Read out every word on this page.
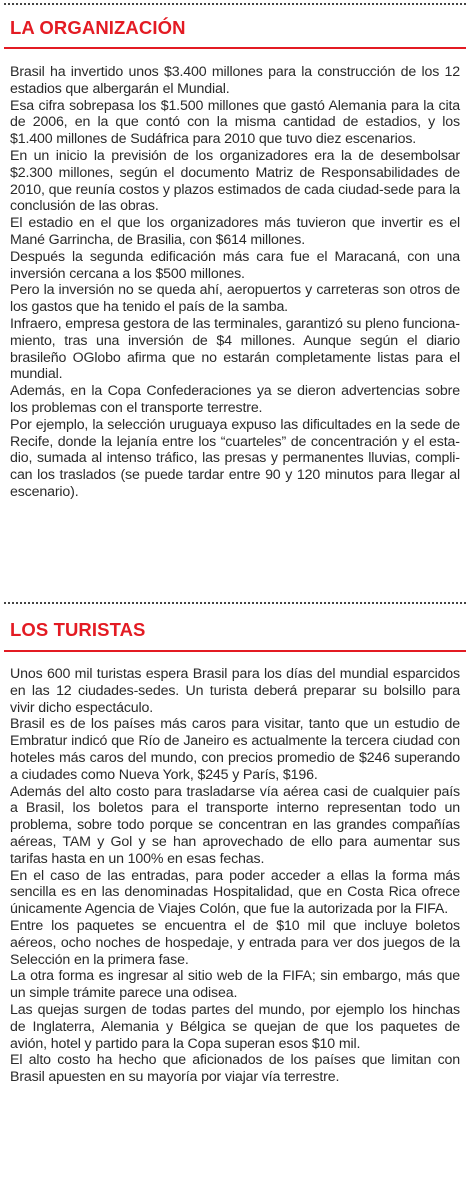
LA ORGANIZACIÓN

Brasil ha invertido unos $3.400 millones para la construcción de los 12 estadios que albergarán el Mundial.

Esa cifra sobrepasa los $1.500 millones que gastó Alemania para la cita de 2006, en la que contó con la misma cantidad de estadios, y los $1.400 millones de Sudáfrica para 2010 que tuvo diez escenarios.

En un inicio la previsión de los organizadores era la de desembolsar $2.300 millones, según el documento Matriz de Responsabilidades de 2010, que reunía costos y plazos estimados de cada ciudad-sede para la conclusión de las obras.

El estadio en el que los organizadores más tuvieron que invertir es el Mané Garrincha, de Brasilia, con $614 millones.

Después la segunda edificación más cara fue el Maracaná, con una inversión cercana a los $500 millones.

Pero la inversión no se queda ahí, aeropuertos y carreteras son otros de los gastos que ha tenido el país de la samba.

Infraero, empresa gestora de las terminales, garantizó su pleno funcionamiento, tras una inversión de $4 millones. Aunque según el diario brasileño OGlobo afirma que no estarán completamente listas para el mundial.

Además, en la Copa Confederaciones ya se dieron advertencias sobre los problemas con el transporte terrestre.

Por ejemplo, la selección uruguaya expuso las dificultades en la sede de Recife, donde la lejanía entre los “cuarteles” de concentración y el estadio, sumada al intenso tráfico, las presas y permanentes lluvias, complican los traslados (se puede tardar entre 90 y 120 minutos para llegar al escenario).

LOS TURISTAS

Unos 600 mil turistas espera Brasil para los días del mundial esparcidos en las 12 ciudades-sedes. Un turista deberá preparar su bolsillo para vivir dicho espectáculo.

Brasil es de los países más caros para visitar, tanto que un estudio de Embratur indicó que Río de Janeiro es actualmente la tercera ciudad con hoteles más caros del mundo, con precios promedio de $246 superando a ciudades como Nueva York, $245 y París, $196.

Además del alto costo para trasladarse vía aérea casi de cualquier país a Brasil, los boletos para el transporte interno representan todo un problema, sobre todo porque se concentran en las grandes compañías aéreas, TAM y Gol y se han aprovechado de ello para aumentar sus tarifas hasta en un 100% en esas fechas.

En el caso de las entradas, para poder acceder a ellas la forma más sencilla es en las denominadas Hospitalidad, que en Costa Rica ofrece únicamente Agencia de Viajes Colón, que fue la autorizada por la FIFA.

Entre los paquetes se encuentra el de $10 mil que incluye boletos aéreos, ocho noches de hospedaje, y entrada para ver dos juegos de la Selección en la primera fase.

La otra forma es ingresar al sitio web de la FIFA; sin embargo, más que un simple trámite parece una odisea.

Las quejas surgen de todas partes del mundo, por ejemplo los hinchas de Inglaterra, Alemania y Bélgica se quejan de que los paquetes de avión, hotel y partido para la Copa superan esos $10 mil.

El alto costo ha hecho que aficionados de los países que limitan con Brasil apuesten en su mayoría por viajar vía terrestre.
